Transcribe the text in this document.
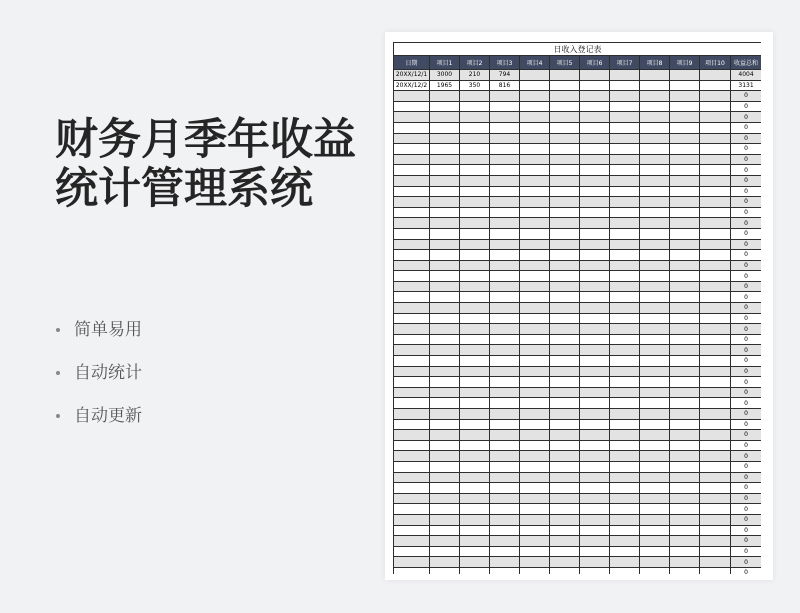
财务月季年收益
统计管理系统
简单易用
自动统计
自动更新
日收入登记表											
日期	项目1	项目2	项目3	项目4	项目5	项目6	项目7	项目8	项目9	项目10	收益总和
20XX/12/1	3000	210	794								4004
20XX/12/2	1965	350	816								3131
											0
											0
											0
											0
											0
											0
											0
											0
											0
											0
											0
											0
											0
											0
											0
											0
											0
											0
											0
											0
											0
											0
											0
											0
											0
											0
											0
											0
											0
											0
											0
											0
											0
											0
											0
											0
											0
											0
											0
											0
											0
											0
											0
											0
											0
											0
